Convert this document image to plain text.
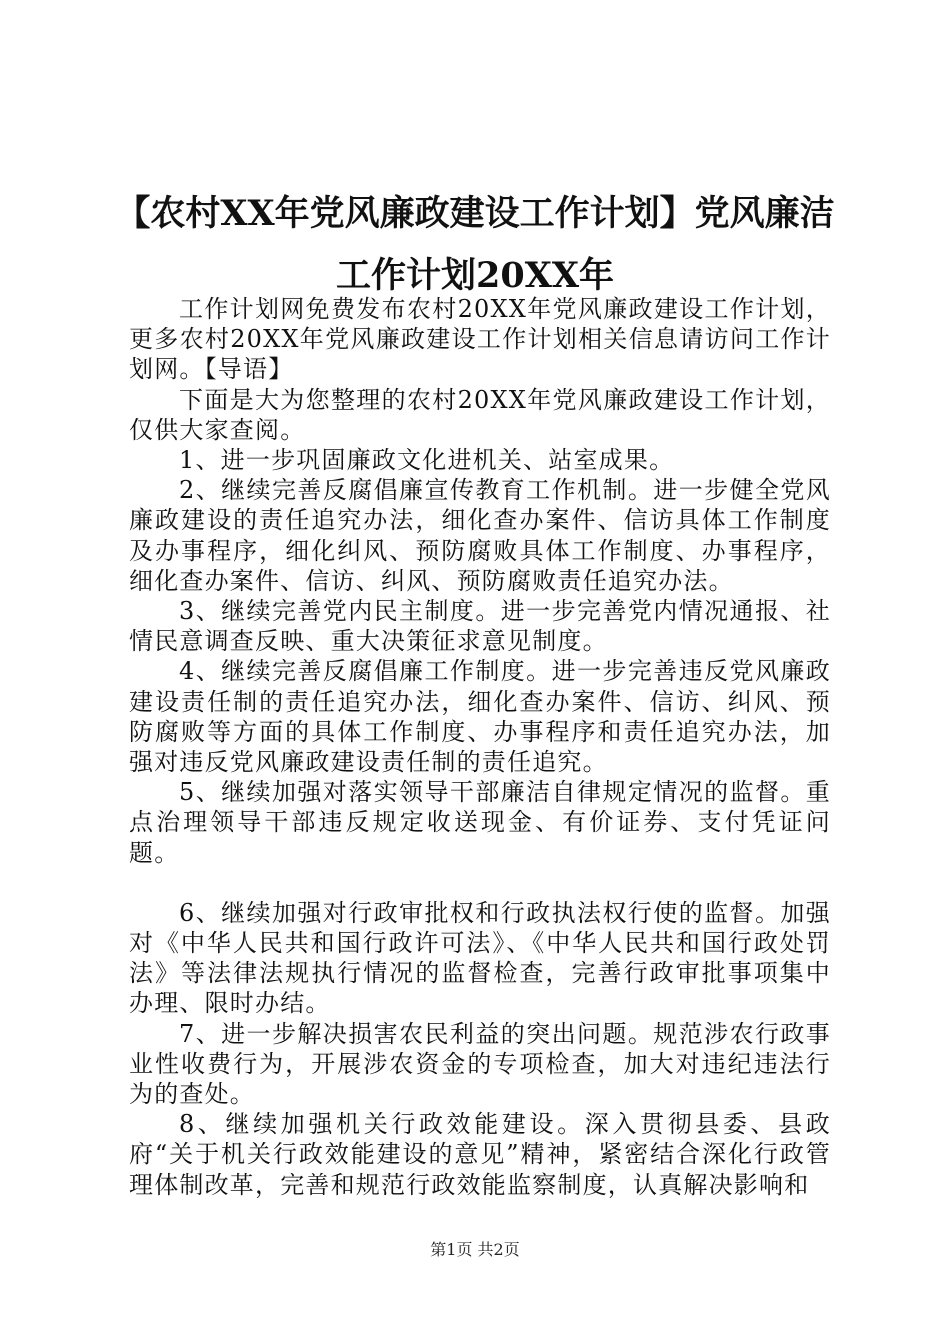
【农村XX年党风廉政建设工作计划】党风廉洁工作计划20XX年

工作计划网免费发布农村20XX年党风廉政建设工作计划，更多农村20XX年党风廉政建设工作计划相关信息请访问工作计划网。【导语】

下面是大为您整理的农村20XX年党风廉政建设工作计划，仅供大家查阅。

1、进一步巩固廉政文化进机关、站室成果。

2、继续完善反腐倡廉宣传教育工作机制。进一步健全党风廉政建设的责任追究办法，细化查办案件、信访具体工作制度及办事程序，细化纠风、预防腐败具体工作制度、办事程序，细化查办案件、信访、纠风、预防腐败责任追究办法。

3、继续完善党内民主制度。进一步完善党内情况通报、社情民意调查反映、重大决策征求意见制度。

4、继续完善反腐倡廉工作制度。进一步完善违反党风廉政建设责任制的责任追究办法，细化查办案件、信访、纠风、预防腐败等方面的具体工作制度、办事程序和责任追究办法，加强对违反党风廉政建设责任制的责任追究。

5、继续加强对落实领导干部廉洁自律规定情况的监督。重点治理领导干部违反规定收送现金、有价证券、支付凭证问题。

6、继续加强对行政审批权和行政执法权行使的监督。加强对《中华人民共和国行政许可法》、《中华人民共和国行政处罚法》等法律法规执行情况的监督检查，完善行政审批事项集中办理、限时办结。

7、进一步解决损害农民利益的突出问题。规范涉农行政事业性收费行为，开展涉农资金的专项检查，加大对违纪违法行为的查处。

8、继续加强机关行政效能建设。深入贯彻县委、县政府“关于机关行政效能建设的意见”精神，紧密结合深化行政管理体制改革，完善和规范行政效能监察制度，认真解决影响和

第1页 共2页
